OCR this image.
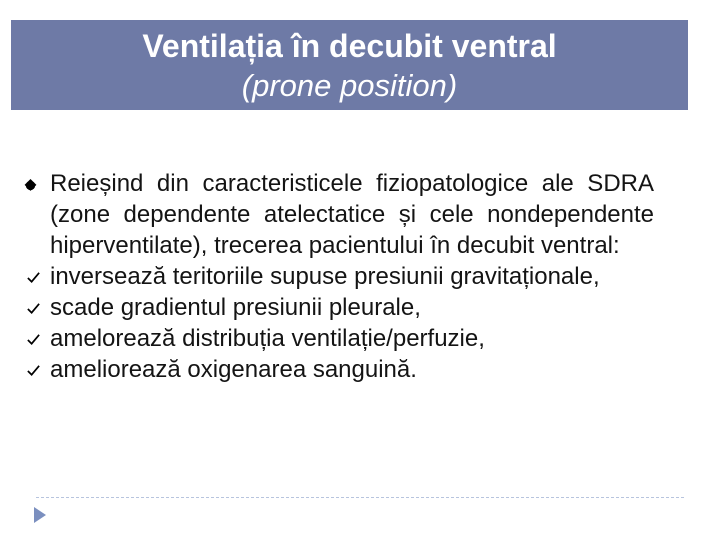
Ventilația în decubit ventral
(prone position)
Reieșind din caracteristicele fiziopatologice ale SDRA (zone dependente atelectatice și cele nondependente hiperventilate), trecerea pacientului în decubit ventral:
inversează teritoriile supuse presiunii gravitaționale,
scade gradientul presiunii pleurale,
amelorează distribuția ventilație/perfuzie,
ameliorează oxigenarea sanguină.
